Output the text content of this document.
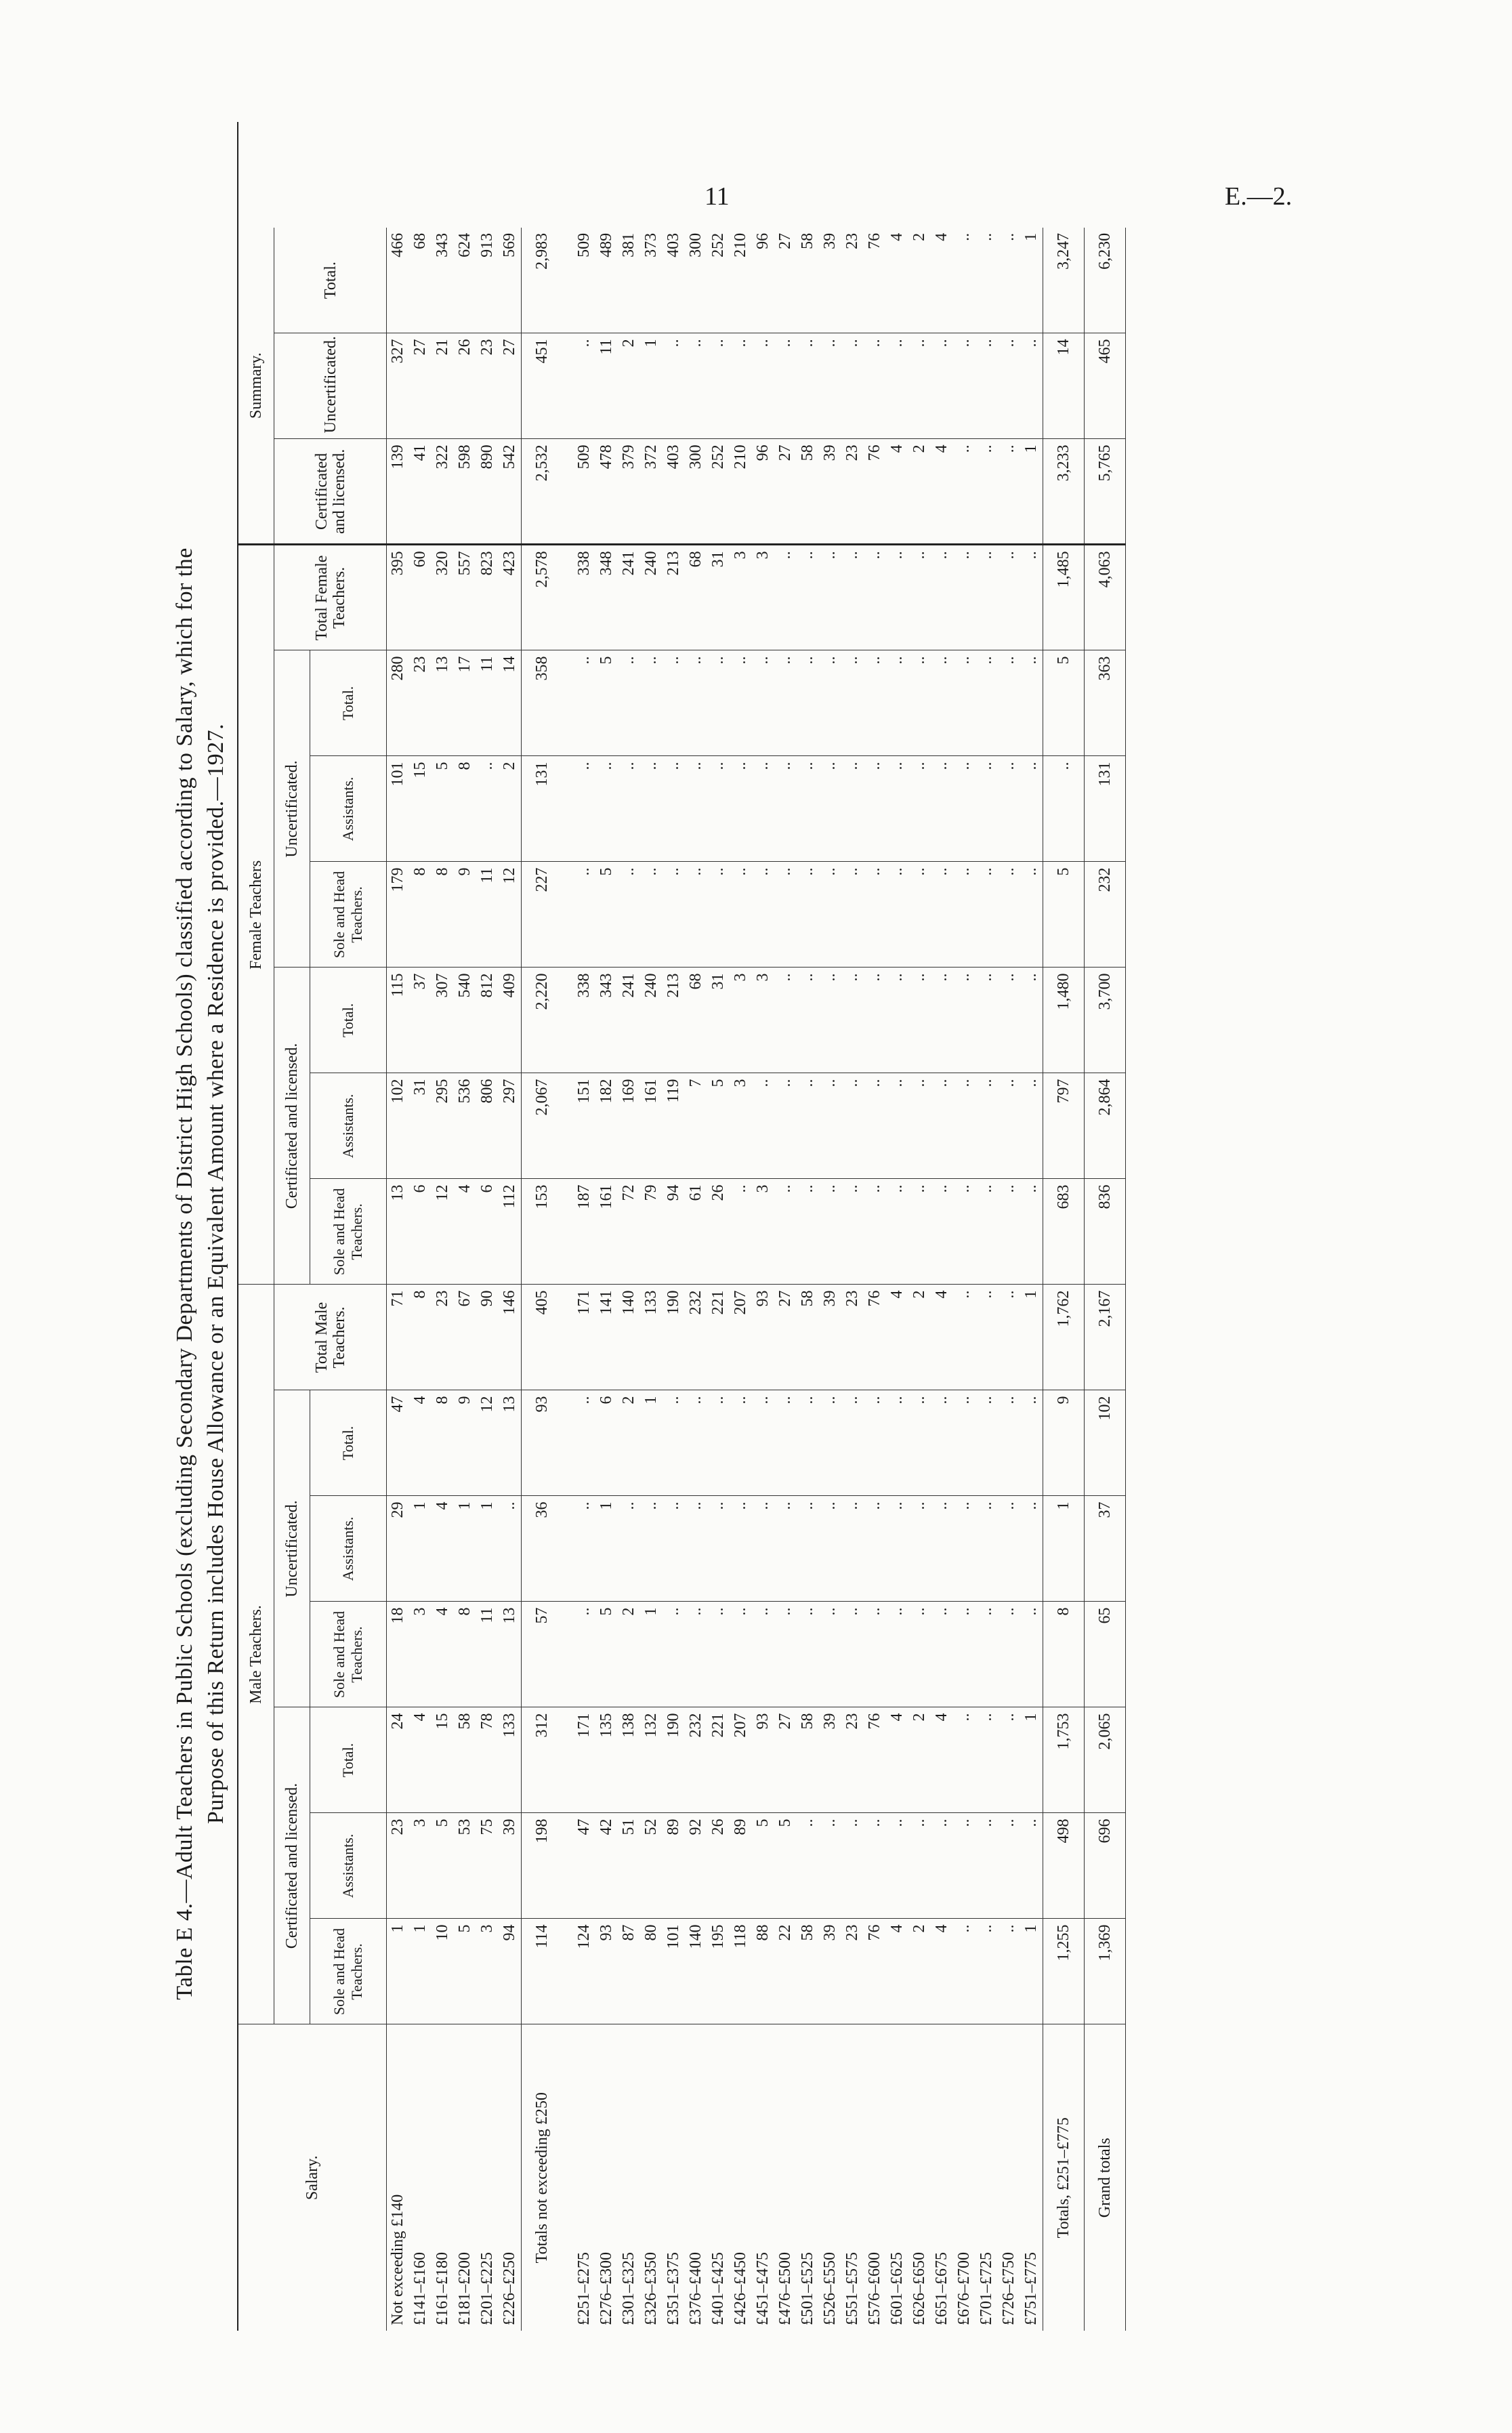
11	E.—2.
Table E 4.—Adult Teachers in Public Schools (excluding Secondary Departments of District High Schools) classified according to Salary, which for the Purpose of this Return includes House Allowance or an Equivalent Amount where a Residence is provided.—1927.
Salary.	Male Teachers.							Female Teachers							Summary.		
	Certificated and licensed.			Uncertificated.			Total Male Teachers.	Certificated and licensed.			Uncertificated.			Total Female Teachers.	Certificated and licensed.	Uncertificated.	Total.
	Sole and Head Teachers.	Assistants.	Total.	Sole and Head Teachers.	Assistants.	Total.		Sole and Head Teachers.	Assistants.	Total.	Sole and Head Teachers.	Assistants.	Total.				
Not exceeding £140	1	23	24	18	29	47	71	13	102	115	179	101	280	395	139	327	466
£141–£160	1	3	4	3	1	4	8	6	31	37	8	15	23	60	41	27	68
£161–£180	10	5	15	4	4	8	23	12	295	307	8	5	13	320	322	21	343
£181–£200	5	53	58	8	1	9	67	4	536	540	9	8	17	557	598	26	624
£201–£225	3	75	78	11	1	12	90	6	806	812	11	..	11	823	890	23	913
£226–£250	94	39	133	13	..	13	146	112	297	409	12	2	14	423	542	27	569
Totals not exceeding £250	114	198	312	57	36	93	405	153	2,067	2,220	227	131	358	2,578	2,532	451	2,983

£251–£275	124	47	171	..	..	..	171	187	151	338	..	..	..	338	509	..	509
£276–£300	93	42	135	5	1	6	141	161	182	343	5	..	5	348	478	11	489
£301–£325	87	51	138	2	..	2	140	72	169	241	..	..	..	241	379	2	381
£326–£350	80	52	132	1	..	1	133	79	161	240	..	..	..	240	372	1	373
£351–£375	101	89	190	..	..	..	190	94	119	213	..	..	..	213	403	..	403
£376–£400	140	92	232	..	..	..	232	61	7	68	..	..	..	68	300	..	300
£401–£425	195	26	221	..	..	..	221	26	5	31	..	..	..	31	252	..	252
£426–£450	118	89	207	..	..	..	207	..	3	3	..	..	..	3	210	..	210
£451–£475	88	5	93	..	..	..	93	3	..	3	..	..	..	3	96	..	96
£476–£500	22	5	27	..	..	..	27	..	..	..	..	..	..	..	27	..	27
£501–£525	58	..	58	..	..	..	58	..	..	..	..	..	..	..	58	..	58
£526–£550	39	..	39	..	..	..	39	..	..	..	..	..	..	..	39	..	39
£551–£575	23	..	23	..	..	..	23	..	..	..	..	..	..	..	23	..	23
£576–£600	76	..	76	..	..	..	76	..	..	..	..	..	..	..	76	..	76
£601–£625	4	..	4	..	..	..	4	..	..	..	..	..	..	..	4	..	4
£626–£650	2	..	2	..	..	..	2	..	..	..	..	..	..	..	2	..	2
£651–£675	4	..	4	..	..	..	4	..	..	..	..	..	..	..	4	..	4
£676–£700	..	..	..	..	..	..	..	..	..	..	..	..	..	..	..	..	..
£701–£725	..	..	..	..	..	..	..	..	..	..	..	..	..	..	..	..	..
£726–£750	..	..	..	..	..	..	..	..	..	..	..	..	..	..	..	..	..
£751–£775	1	..	1	..	..	..	1	..	..	..	..	..	..	..	1	..	1
Totals, £251–£775	1,255	498	1,753	8	1	9	1,762	683	797	1,480	5	..	5	1,485	3,233	14	3,247
Grand totals	1,369	696	2,065	65	37	102	2,167	836	2,864	3,700	232	131	363	4,063	5,765	465	6,230
